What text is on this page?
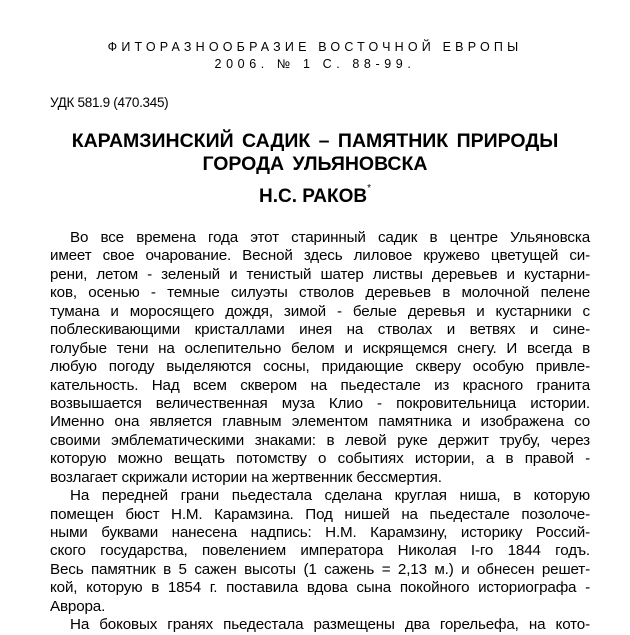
ФИТОРАЗНООБРАЗИЕ ВОСТОЧНОЙ ЕВРОПЫ
2006. № 1 С. 88-99.
УДК 581.9 (470.345)
КАРАМЗИНСКИЙ САДИК – ПАМЯТНИК ПРИРОДЫ
ГОРОДА УЛЬЯНОВСКА
Н.С. РАКОВ*
Во все времена года этот старинный садик в центре Ульяновска
имеет свое очарование. Весной здесь лиловое кружево цветущей си-
рени, летом - зеленый и тенистый шатер листвы деревьев и кустарни-
ков, осенью - темные силуэты стволов деревьев в молочной пелене
тумана и моросящего дождя, зимой - белые деревья и кустарники с
поблескивающими кристаллами инея на стволах и ветвях и сине-
голубые тени на ослепительно белом и искрящемся снегу. И всегда в
любую погоду выделяются сосны, придающие скверу особую привле-
кательность. Над всем сквером на пьедестале из красного гранита
возвышается величественная муза Клио - покровительница истории.
Именно она является главным элементом памятника и изображена со
своими эмблематическими знаками: в левой руке держит трубу, через
которую можно вещать потомству о событиях истории, а в правой -
возлагает скрижали истории на жертвенник бессмертия.
На передней грани пьедестала сделана круглая ниша, в которую
помещен бюст Н.М. Карамзина. Под нишей на пьедестале позолоче-
ными буквами нанесена надпись: Н.М. Карамзину, историку Россий-
ского государства, повелением императора Николая I-го 1844 годъ.
Весь памятник в 5 сажен высоты (1 сажень = 2,13 м.) и обнесен решет-
кой, которую в 1854 г. поставила вдова сына покойного историографа -
Аврора.
На боковых гранях пьедестала размещены два горельефа, на кото-
